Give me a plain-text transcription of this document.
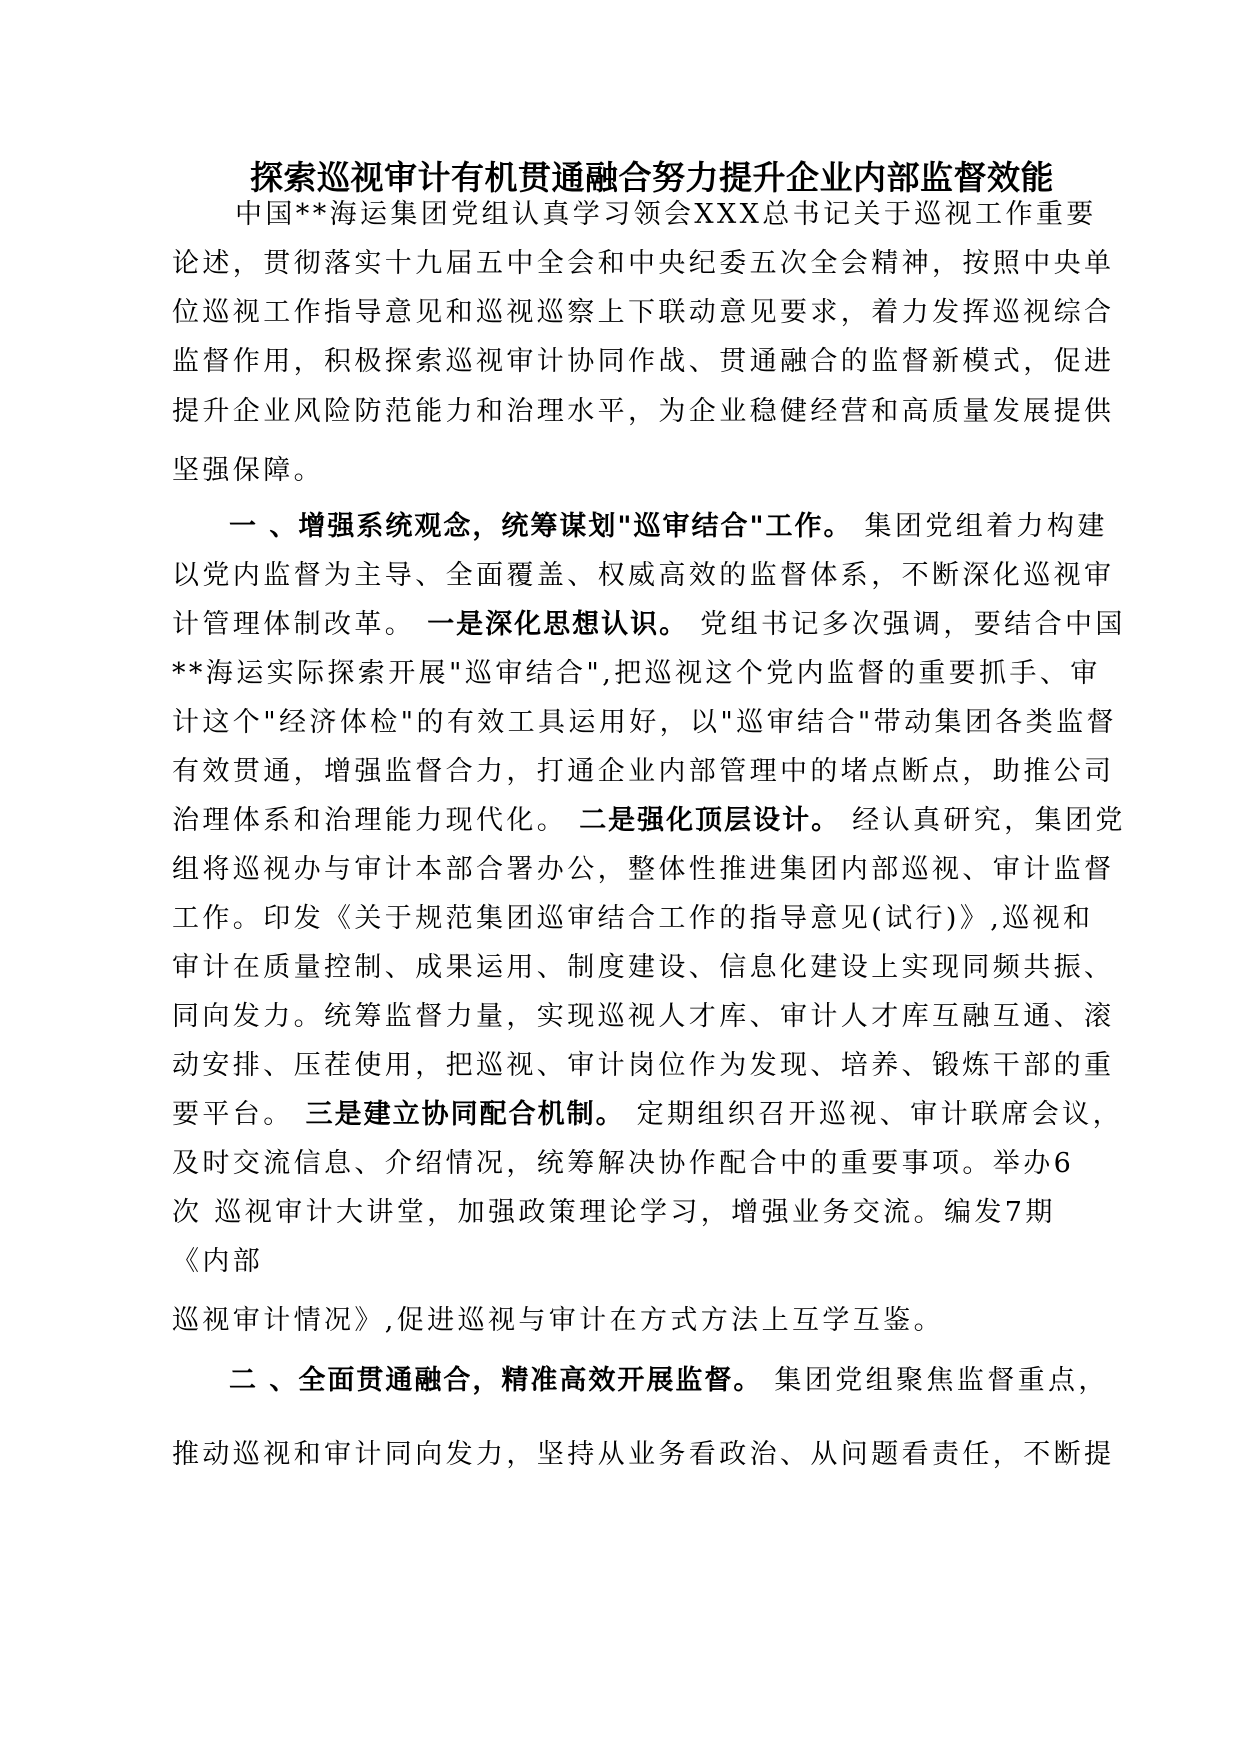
探索巡视审计有机贯通融合努力提升企业内部监督效能
中国**海运集团党组认真学习领会XXX总书记关于巡视工作重要
论述，贯彻落实十九届五中全会和中央纪委五次全会精神，按照中央单
位巡视工作指导意见和巡视巡察上下联动意见要求，着力发挥巡视综合
监督作用，积极探索巡视审计协同作战、贯通融合的监督新模式，促进
提升企业风险防范能力和治理水平，为企业稳健经营和高质量发展提供
坚强保障。
一 、增强系统观念，统筹谋划"巡审结合"工作。 集团党组着力构建
以党内监督为主导、全面覆盖、权威高效的监督体系，不断深化巡视审
计管理体制改革。 一是深化思想认识。 党组书记多次强调，要结合中国
**海运实际探索开展"巡审结合",把巡视这个党内监督的重要抓手、审
计这个"经济体检"的有效工具运用好，以"巡审结合"带动集团各类监督
有效贯通，增强监督合力，打通企业内部管理中的堵点断点，助推公司
治理体系和治理能力现代化。 二是强化顶层设计。 经认真研究，集团党
组将巡视办与审计本部合署办公，整体性推进集团内部巡视、审计监督
工作。印发《关于规范集团巡审结合工作的指导意见(试行)》,巡视和
审计在质量控制、成果运用、制度建设、信息化建设上实现同频共振、
同向发力。统筹监督力量，实现巡视人才库、审计人才库互融互通、滚
动安排、压茬使用，把巡视、审计岗位作为发现、培养、锻炼干部的重
要平台。 三是建立协同配合机制。 定期组织召开巡视、审计联席会议，
及时交流信息、介绍情况，统筹解决协作配合中的重要事项。举办6
次 巡视审计大讲堂，加强政策理论学习，增强业务交流。编发7期
《内部
巡视审计情况》,促进巡视与审计在方式方法上互学互鉴。
二 、全面贯通融合，精准高效开展监督。 集团党组聚焦监督重点，
推动巡视和审计同向发力，坚持从业务看政治、从问题看责任，不断提
